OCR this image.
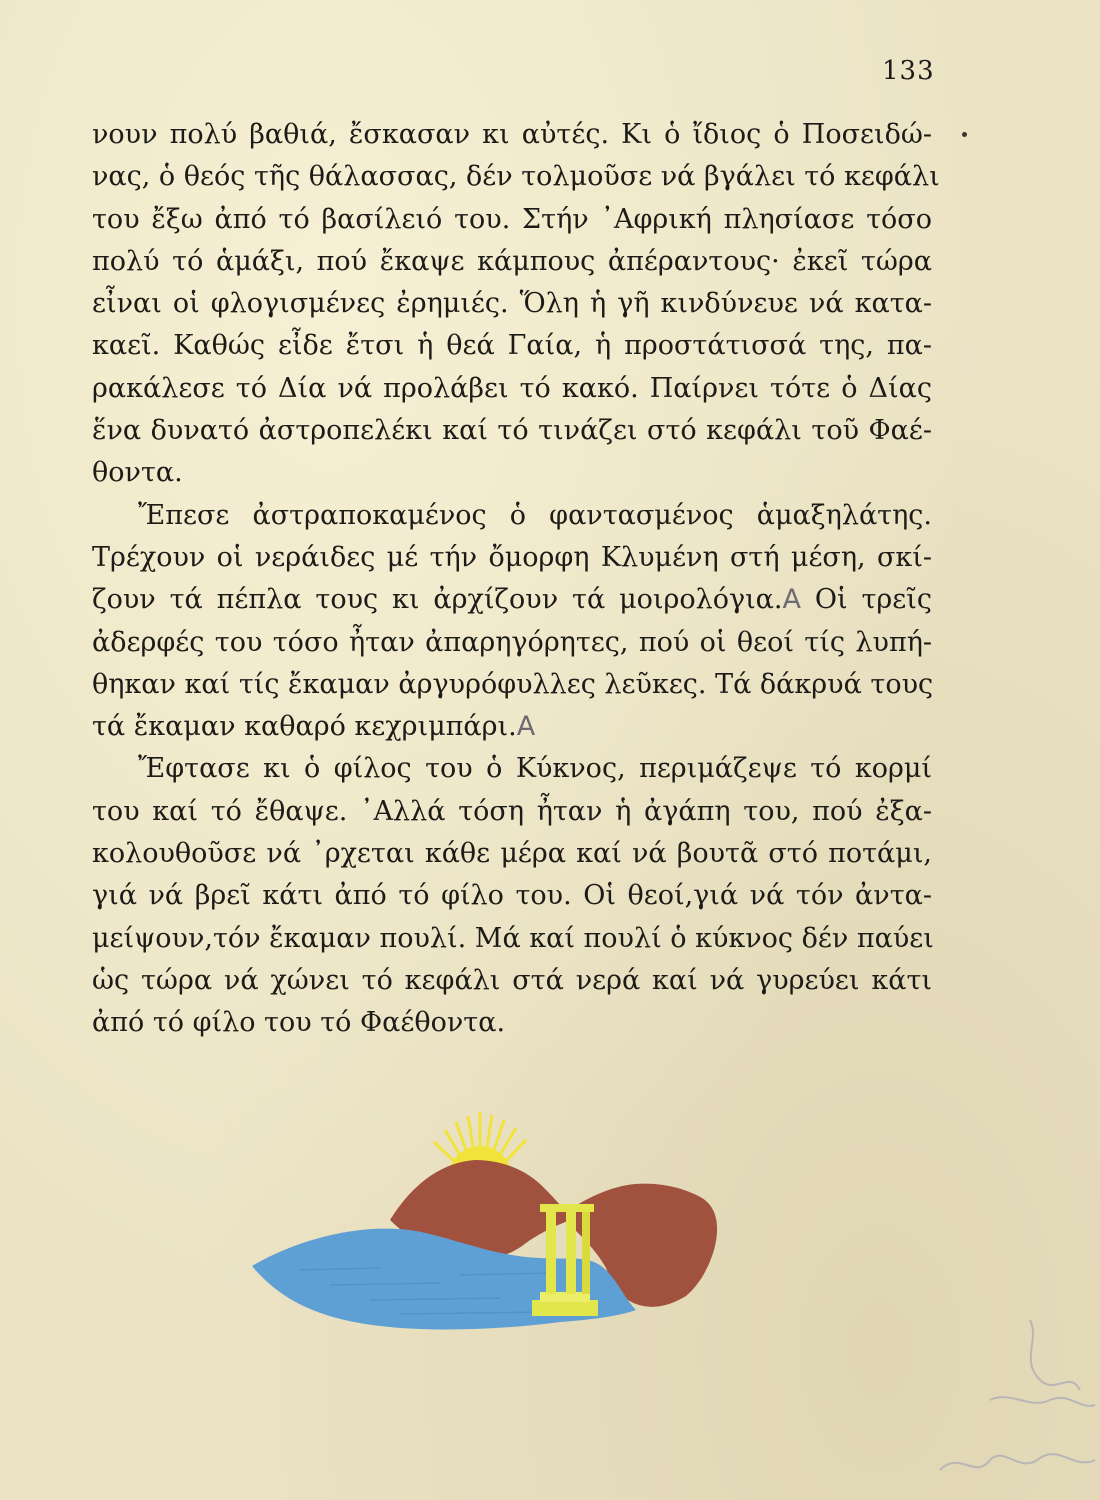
133
νουν πολύ βαθιά, ἔσκασαν κι αὐτές. Κι ὁ ἴδιος ὁ Ποσειδώ-
νας, ὁ θεός τῆς θάλασσας, δέν τολμοῦσε νά βγάλει τό κεφάλι
του ἔξω ἀπό τό βασίλειό του. Στήν ᾿Αφρική πλησίασε τόσο
πολύ τό ἁμάξι, πού ἔκαψε κάμπους ἀπέραντους· ἐκεῖ τώρα
εἶναι οἱ φλογισμένες ἐρημιές. Ὅλη ἡ γῆ κινδύνευε νά κατα-
καεῖ. Καθώς εἶδε ἔτσι ἡ θεά Γαία, ἡ προστάτισσά της, πα-
ρακάλεσε τό Δία νά προλάβει τό κακό. Παίρνει τότε ὁ Δίας
ἕνα δυνατό ἀστροπελέκι καί τό τινάζει στό κεφάλι τοῦ Φαέ-
θοντα.
Ἔπεσε ἀστραποκαμένος ὁ φαντασμένος ἁμαξηλάτης.
Τρέχουν οἱ νεράιδες μέ τήν ὄμορφη Κλυμένη στή μέση, σκί-
ζουν τά πέπλα τους κι ἀρχίζουν τά μοιρολόγια.A Οἱ τρεῖς
ἀδερφές του τόσο ἦταν ἀπαρηγόρητες, πού οἱ θεοί τίς λυπή-
θηκαν καί τίς ἔκαμαν ἀργυρόφυλλες λεῦκες. Τά δάκρυά τους
τά ἔκαμαν καθαρό κεχριμπάρι.A
Ἔφτασε κι ὁ φίλος του ὁ Κύκνος, περιμάζεψε τό κορμί
του καί τό ἔθαψε. ᾿Αλλά τόση ἦταν ἡ ἀγάπη του, πού ἐξα-
κολουθοῦσε νά ᾿ρχεται κάθε μέρα καί νά βουτᾶ στό ποτάμι,
γιά νά βρεῖ κάτι ἀπό τό φίλο του. Οἱ θεοί,γιά νά τόν ἀντα-
μείψουν,τόν ἔκαμαν πουλί. Μά καί πουλί ὁ κύκνος δέν παύει
ὡς τώρα νά χώνει τό κεφάλι στά νερά καί νά γυρεύει κάτι
ἀπό τό φίλο του τό Φαέθοντα.
